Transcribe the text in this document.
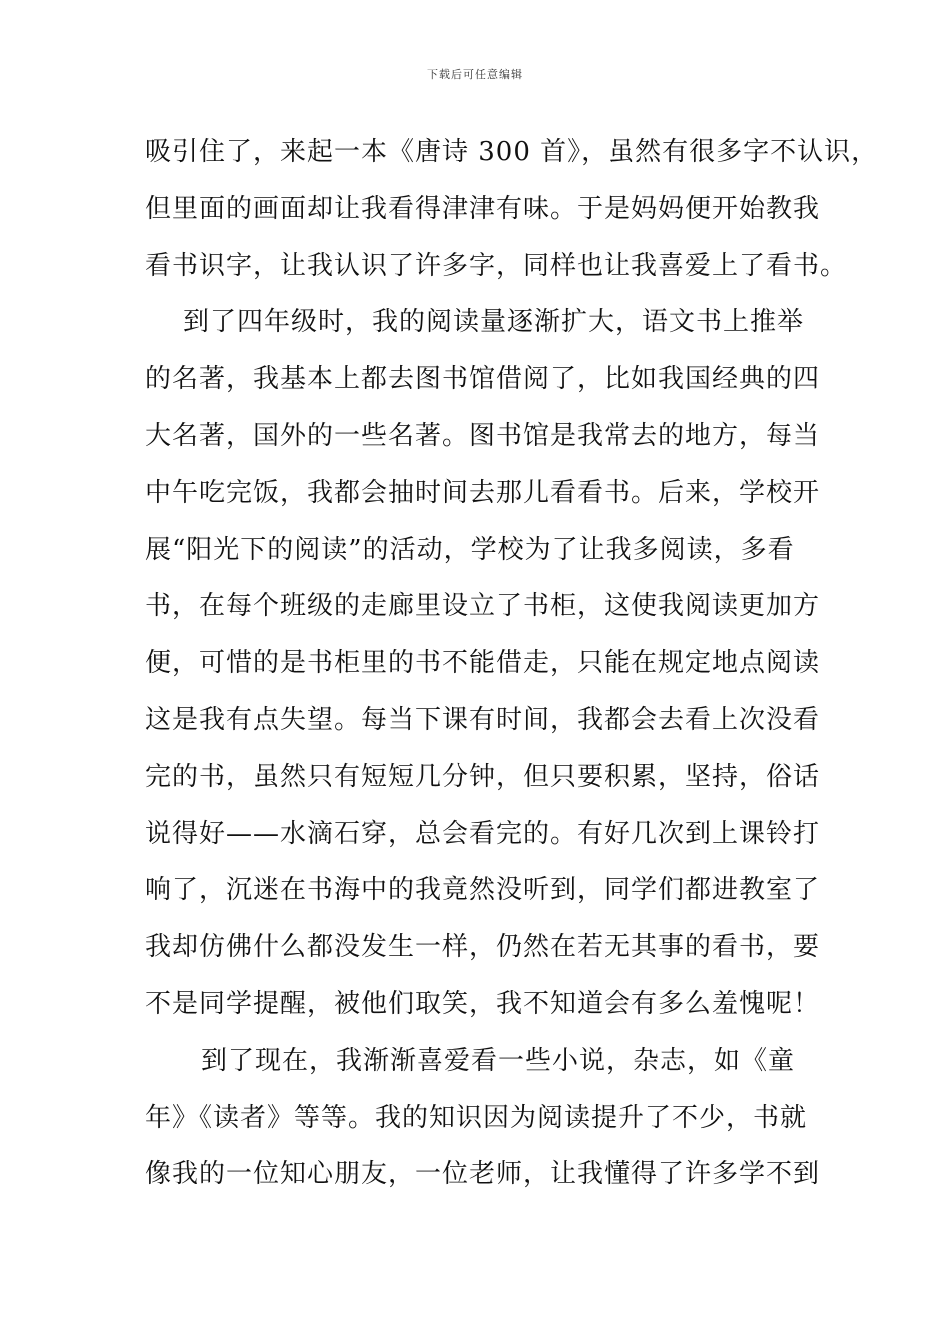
下载后可任意编辑
吸引住了，来起一本《唐诗 300 首》，虽然有很多字不认识，
但里面的画面却让我看得津津有味。于是妈妈便开始教我
看书识字，让我认识了许多字，同样也让我喜爱上了看书。
到了四年级时，我的阅读量逐渐扩大，语文书上推举
的名著，我基本上都去图书馆借阅了，比如我国经典的四
大名著，国外的一些名著。图书馆是我常去的地方，每当
中午吃完饭，我都会抽时间去那儿看看书。后来，学校开
展“阳光下的阅读”的活动，学校为了让我多阅读，多看
书，在每个班级的走廊里设立了书柜，这使我阅读更加方
便，可惜的是书柜里的书不能借走，只能在规定地点阅读
这是我有点失望。每当下课有时间，我都会去看上次没看
完的书，虽然只有短短几分钟，但只要积累，坚持，俗话
说得好——水滴石穿，总会看完的。有好几次到上课铃打
响了，沉迷在书海中的我竟然没听到，同学们都进教室了
我却仿佛什么都没发生一样，仍然在若无其事的看书，要
不是同学提醒，被他们取笑，我不知道会有多么羞愧呢！
到了现在，我渐渐喜爱看一些小说，杂志，如《童
年》《读者》等等。我的知识因为阅读提升了不少，书就
像我的一位知心朋友，一位老师，让我懂得了许多学不到
